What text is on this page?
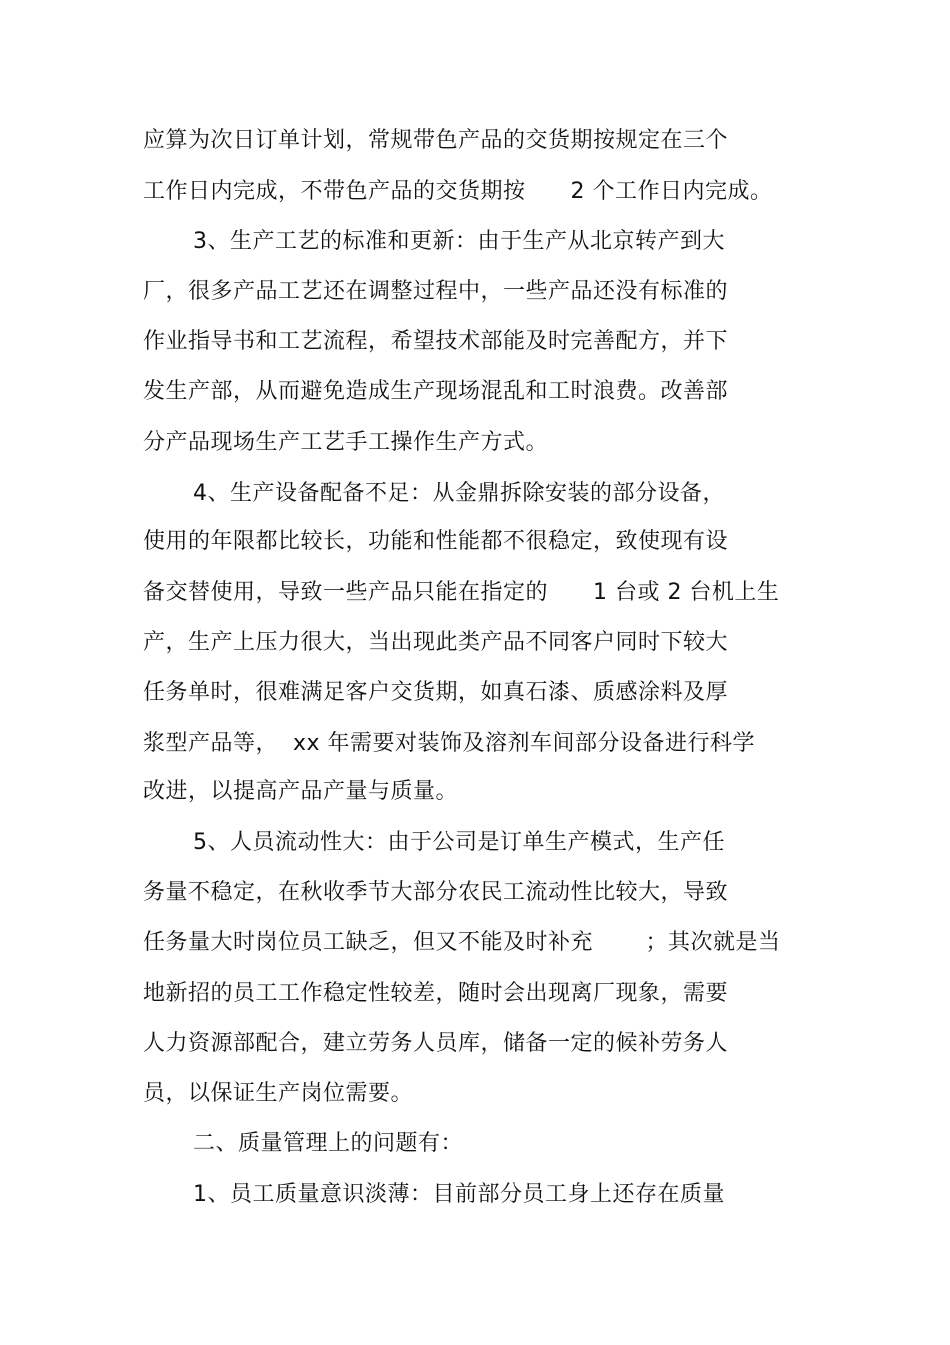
应算为次日订单计划，常规带色产品的交货期按规定在三个
工作日内完成，不带色产品的交货期按      2 个工作日内完成。
3、生产工艺的标准和更新：由于生产从北京转产到大
厂，很多产品工艺还在调整过程中，一些产品还没有标准的
作业指导书和工艺流程，希望技术部能及时完善配方，并下
发生产部，从而避免造成生产现场混乱和工时浪费。改善部
分产品现场生产工艺手工操作生产方式。
4、生产设备配备不足：从金鼎拆除安装的部分设备，
使用的年限都比较长，功能和性能都不很稳定，致使现有设
备交替使用，导致一些产品只能在指定的      1 台或 2 台机上生
产，生产上压力很大，当出现此类产品不同客户同时下较大
任务单时，很难满足客户交货期，如真石漆、质感涂料及厚
浆型产品等，  xx 年需要对装饰及溶剂车间部分设备进行科学
改进，以提高产品产量与质量。
5、人员流动性大：由于公司是订单生产模式，生产任
务量不稳定，在秋收季节大部分农民工流动性比较大，导致
任务量大时岗位员工缺乏，但又不能及时补充       ；其次就是当
地新招的员工工作稳定性较差，随时会出现离厂现象，需要
人力资源部配合，建立劳务人员库，储备一定的候补劳务人
员，以保证生产岗位需要。
二、质量管理上的问题有：
1、员工质量意识淡薄：目前部分员工身上还存在质量
